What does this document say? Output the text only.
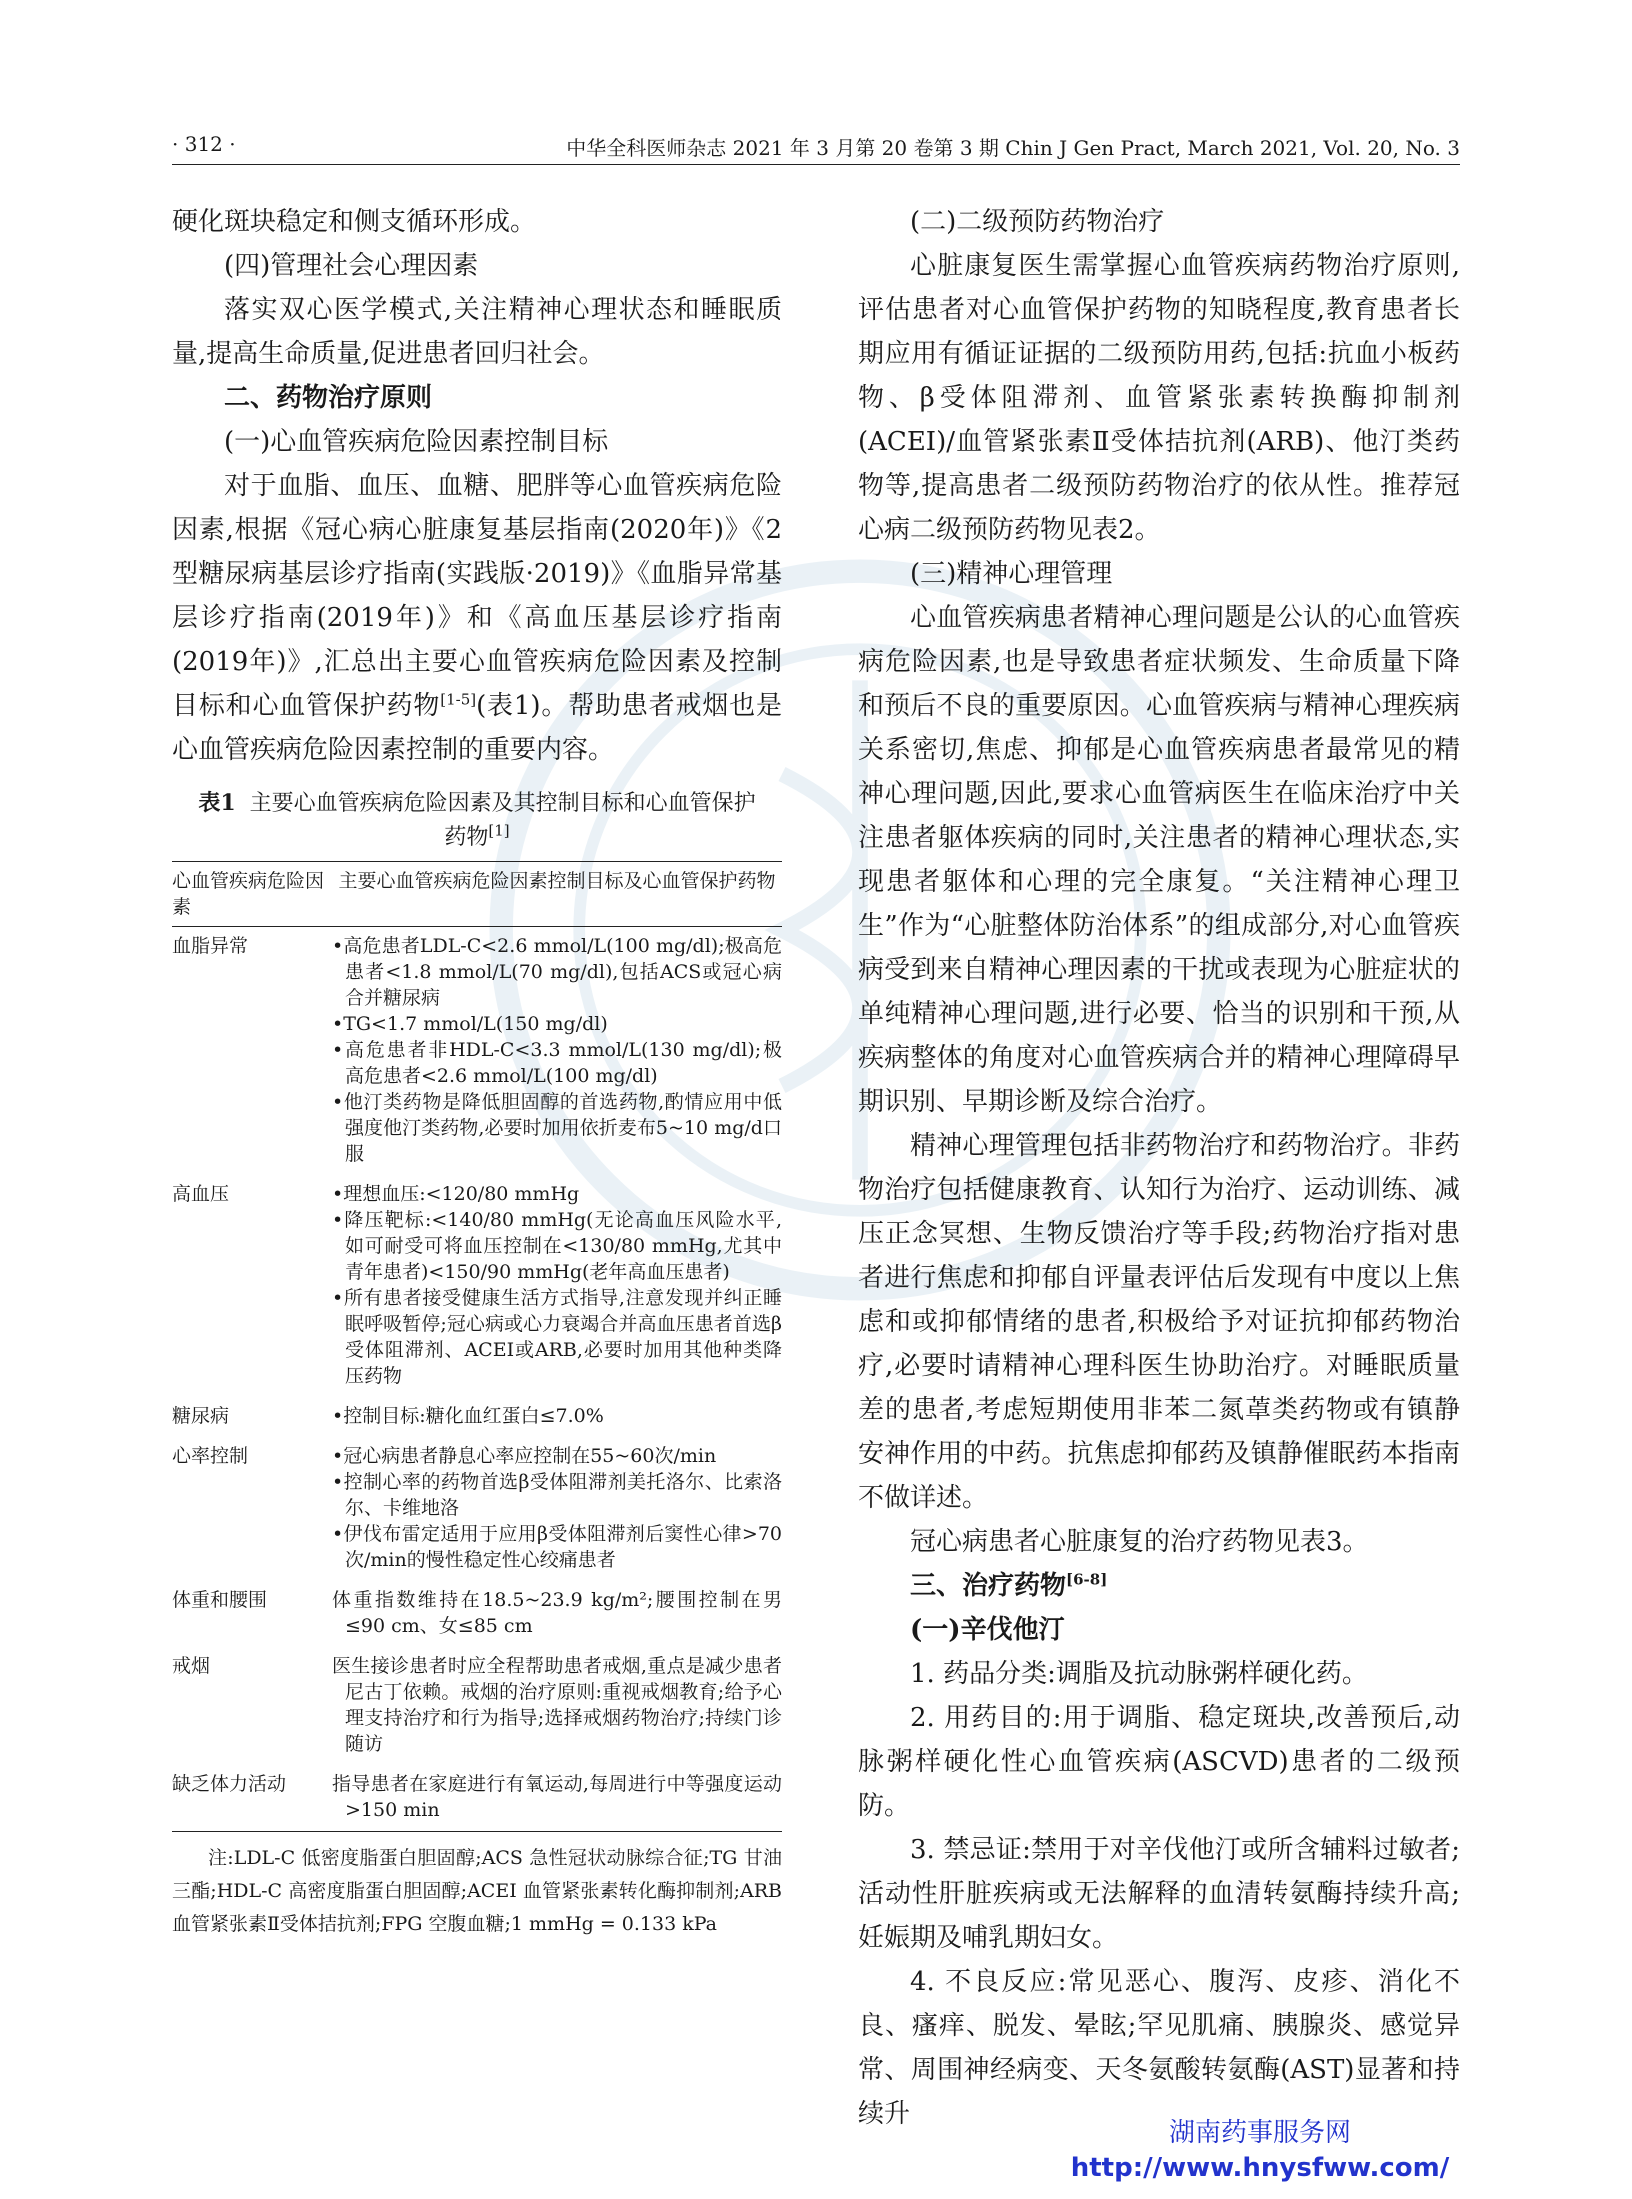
· 312 ·	中华全科医师杂志 2021 年 3 月第 20 卷第 3 期 Chin J Gen Pract, March 2021, Vol. 20, No. 3

硬化斑块稳定和侧支循环形成。

(四)管理社会心理因素

落实双心医学模式,关注精神心理状态和睡眠质量,提高生命质量,促进患者回归社会。

二、药物治疗原则

(一)心血管疾病危险因素控制目标

对于血脂、血压、血糖、肥胖等心血管疾病危险因素,根据《冠心病心脏康复基层指南(2020年)》《2型糖尿病基层诊疗指南(实践版·2019)》《血脂异常基层诊疗指南(2019年)》和《高血压基层诊疗指南(2019年)》,汇总出主要心血管疾病危险因素及控制目标和心血管保护药物[1-5](表1)。帮助患者戒烟也是心血管疾病危险因素控制的重要内容。

表1 主要心血管疾病危险因素及其控制目标和心血管保护药物[1]
心血管疾病危险因素	主要心血管疾病危险因素控制目标及心血管保护药物
血脂异常	•高危患者LDL-C<2.6 mmol/L(100 mg/dl);极高危患者<1.8 mmol/L(70 mg/dl),包括ACS或冠心病合并糖尿病
•TG<1.7 mmol/L(150 mg/dl)
•高危患者非HDL-C<3.3 mmol/L(130 mg/dl);极高危患者<2.6 mmol/L(100 mg/dl)
•他汀类药物是降低胆固醇的首选药物,酌情应用中低强度他汀类药物,必要时加用依折麦布5~10 mg/d口服

高血压	•理想血压:<120/80 mmHg
•降压靶标:<140/80 mmHg(无论高血压风险水平,如可耐受可将血压控制在<130/80 mmHg,尤其中青年患者)<150/90 mmHg(老年高血压患者)
•所有患者接受健康生活方式指导,注意发现并纠正睡眠呼吸暂停;冠心病或心力衰竭合并高血压患者首选β受体阻滞剂、ACEI或ARB,必要时加用其他种类降压药物

糖尿病	•控制目标:糖化血红蛋白≤7.0%

心率控制	•冠心病患者静息心率应控制在55~60次/min
•控制心率的药物首选β受体阻滞剂美托洛尔、比索洛尔、卡维地洛
•伊伐布雷定适用于应用β受体阻滞剂后窦性心律>70次/min的慢性稳定性心绞痛患者

体重和腰围	体重指数维持在18.5~23.9 kg/m²;腰围控制在男≤90 cm、女≤85 cm

戒烟	医生接诊患者时应全程帮助患者戒烟,重点是减少患者尼古丁依赖。戒烟的治疗原则:重视戒烟教育;给予心理支持治疗和行为指导;选择戒烟药物治疗;持续门诊随访

缺乏体力活动	指导患者在家庭进行有氧运动,每周进行中等强度运动>150 min
注:LDL-C 低密度脂蛋白胆固醇;ACS 急性冠状动脉综合征;TG 甘油三酯;HDL-C 高密度脂蛋白胆固醇;ACEI 血管紧张素转化酶抑制剂;ARB 血管紧张素Ⅱ受体拮抗剂;FPG 空腹血糖;1 mmHg = 0.133 kPa

(二)二级预防药物治疗

心脏康复医生需掌握心血管疾病药物治疗原则,评估患者对心血管保护药物的知晓程度,教育患者长期应用有循证证据的二级预防用药,包括:抗血小板药物、β受体阻滞剂、血管紧张素转换酶抑制剂(ACEI)/血管紧张素Ⅱ受体拮抗剂(ARB)、他汀类药物等,提高患者二级预防药物治疗的依从性。推荐冠心病二级预防药物见表2。

(三)精神心理管理

心血管疾病患者精神心理问题是公认的心血管疾病危险因素,也是导致患者症状频发、生命质量下降和预后不良的重要原因。心血管疾病与精神心理疾病关系密切,焦虑、抑郁是心血管疾病患者最常见的精神心理问题,因此,要求心血管病医生在临床治疗中关注患者躯体疾病的同时,关注患者的精神心理状态,实现患者躯体和心理的完全康复。“关注精神心理卫生”作为“心脏整体防治体系”的组成部分,对心血管疾病受到来自精神心理因素的干扰或表现为心脏症状的单纯精神心理问题,进行必要、恰当的识别和干预,从疾病整体的角度对心血管疾病合并的精神心理障碍早期识别、早期诊断及综合治疗。

精神心理管理包括非药物治疗和药物治疗。非药物治疗包括健康教育、认知行为治疗、运动训练、减压正念冥想、生物反馈治疗等手段;药物治疗指对患者进行焦虑和抑郁自评量表评估后发现有中度以上焦虑和或抑郁情绪的患者,积极给予对证抗抑郁药物治疗,必要时请精神心理科医生协助治疗。对睡眠质量差的患者,考虑短期使用非苯二氮䓬类药物或有镇静安神作用的中药。抗焦虑抑郁药及镇静催眠药本指南不做详述。

冠心病患者心脏康复的治疗药物见表3。

三、治疗药物[6-8]

(一)辛伐他汀

1. 药品分类:调脂及抗动脉粥样硬化药。

2. 用药目的:用于调脂、稳定斑块,改善预后,动脉粥样硬化性心血管疾病(ASCVD)患者的二级预防。

3. 禁忌证:禁用于对辛伐他汀或所含辅料过敏者;活动性肝脏疾病或无法解释的血清转氨酶持续升高;妊娠期及哺乳期妇女。

4. 不良反应:常见恶心、腹泻、皮疹、消化不良、瘙痒、脱发、晕眩;罕见肌痛、胰腺炎、感觉异常、周围神经病变、天冬氨酸转氨酶(AST)显著和持续升

湖南药事服务网
http://www.hnysfww.com/
